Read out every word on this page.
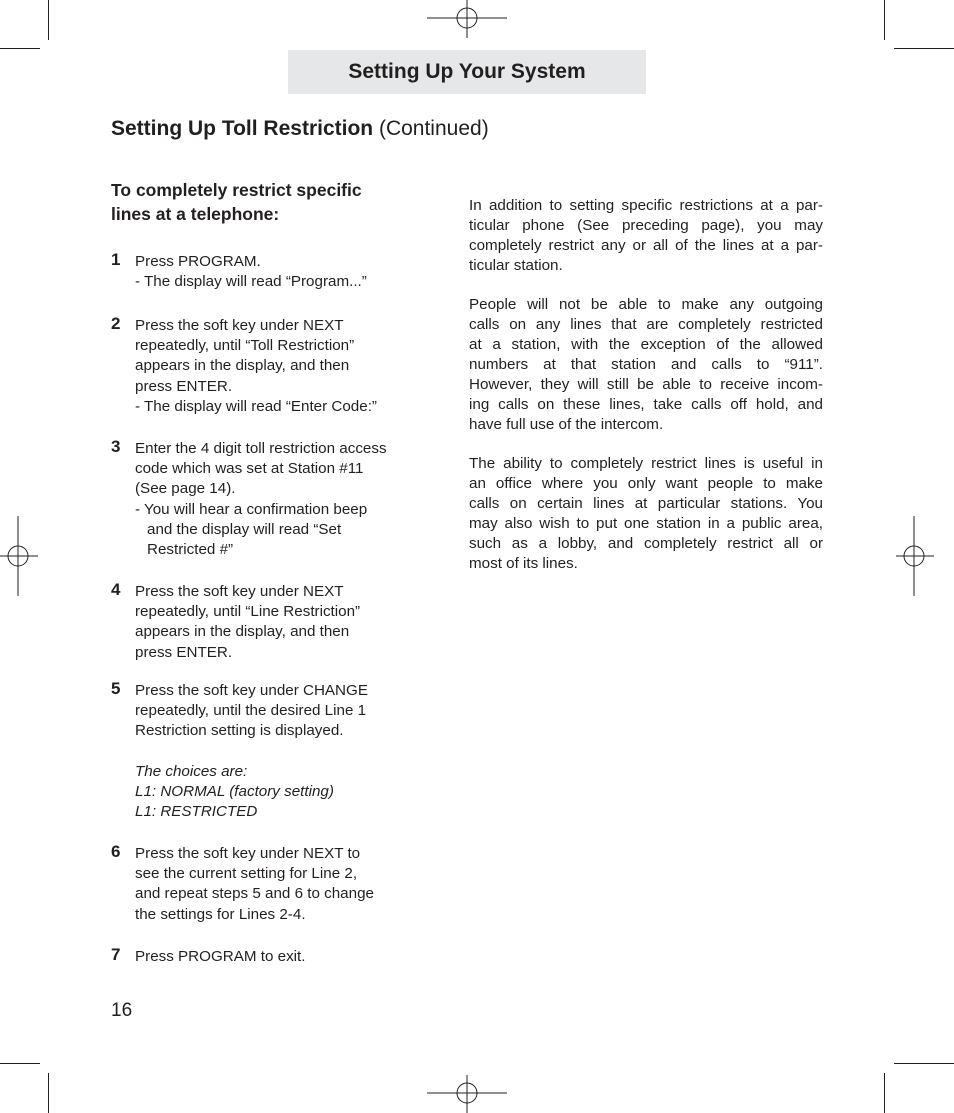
Setting Up Your System
Setting Up Toll Restriction (Continued)
To completely restrict specific
lines at a telephone:
1 Press PROGRAM.
- The display will read “Program...”
2 Press the soft key under NEXT
repeatedly, until “Toll Restriction”
appears in the display, and then
press ENTER.
- The display will read “Enter Code:”
3 Enter the 4 digit toll restriction access
code which was set at Station #11
(See page 14).
- You will hear a confirmation beep
and the display will read “Set
Restricted #”
4 Press the soft key under NEXT
repeatedly, until “Line Restriction”
appears in the display, and then
press ENTER.
5 Press the soft key under CHANGE
repeatedly, until the desired Line 1
Restriction setting is displayed.
The choices are:
L1: NORMAL (factory setting)
L1: RESTRICTED
6 Press the soft key under NEXT to
see the current setting for Line 2,
and repeat steps 5 and 6 to change
the settings for Lines 2-4.
7 Press PROGRAM to exit.
In addition to setting specific restrictions at a par-
ticular phone (See preceding page), you may
completely restrict any or all of the lines at a par-
ticular station.
People will not be able to make any outgoing
calls on any lines that are completely restricted
at a station, with the exception of the allowed
numbers at that station and calls to “911”.
However, they will still be able to receive incom-
ing calls on these lines, take calls off hold, and
have full use of the intercom.
The ability to completely restrict lines is useful in
an office where you only want people to make
calls on certain lines at particular stations. You
may also wish to put one station in a public area,
such as a lobby, and completely restrict all or
most of its lines.
16
